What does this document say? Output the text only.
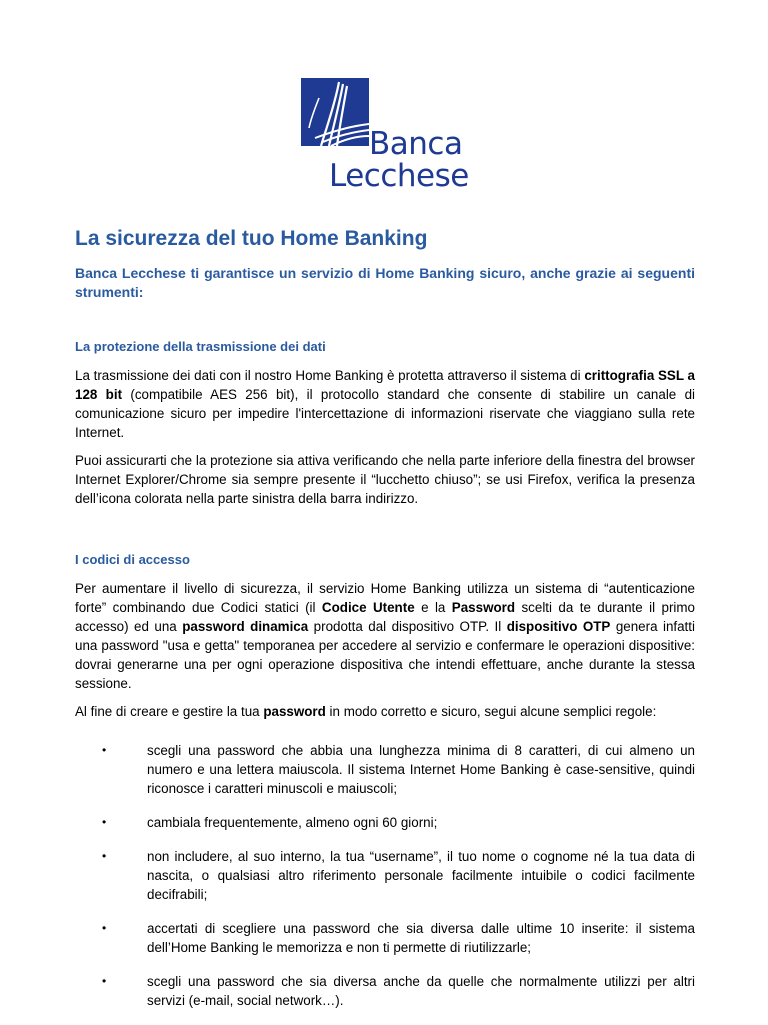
Banca
Lecchese
La sicurezza del tuo Home Banking

Banca Lecchese ti garantisce un servizio di Home Banking sicuro, anche grazie ai seguenti strumenti:

La protezione della trasmissione dei dati

La trasmissione dei dati con il nostro Home Banking è protetta attraverso il sistema di crittografia SSL a 128 bit (compatibile AES 256 bit), il protocollo standard che consente di stabilire un canale di comunicazione sicuro per impedire l'intercettazione di informazioni riservate che viaggiano sulla rete Internet.

Puoi assicurarti che la protezione sia attiva verificando che nella parte inferiore della finestra del browser Internet Explorer/Chrome sia sempre presente il “lucchetto chiuso”; se usi Firefox, verifica la presenza dell’icona colorata nella parte sinistra della barra indirizzo.

I codici di accesso

Per aumentare il livello di sicurezza, il servizio Home Banking utilizza un sistema di “autenticazione forte” combinando due Codici statici (il Codice Utente e la Password scelti da te durante il primo accesso) ed una password dinamica prodotta dal dispositivo OTP. Il dispositivo OTP genera infatti una password "usa e getta" temporanea per accedere al servizio e confermare le operazioni dispositive: dovrai generarne una per ogni operazione dispositiva che intendi effettuare, anche durante la stessa sessione.

Al fine di creare e gestire la tua password in modo corretto e sicuro, segui alcune semplici regole:

•	scegli una password che abbia una lunghezza minima di 8 caratteri, di cui almeno un numero e una lettera maiuscola. Il sistema Internet Home Banking è case-sensitive, quindi riconosce i caratteri minuscoli e maiuscoli;
•	cambiala frequentemente, almeno ogni 60 giorni;
•	non includere, al suo interno, la tua “username”, il tuo nome o cognome né la tua data di nascita, o qualsiasi altro riferimento personale facilmente intuibile o codici facilmente decifrabili;
•	accertati di scegliere una password che sia diversa dalle ultime 10 inserite: il sistema dell’Home Banking le memorizza e non ti permette di riutilizzarle;
•	scegli una password che sia diversa anche da quelle che normalmente utilizzi per altri servizi (e-mail, social network…).
